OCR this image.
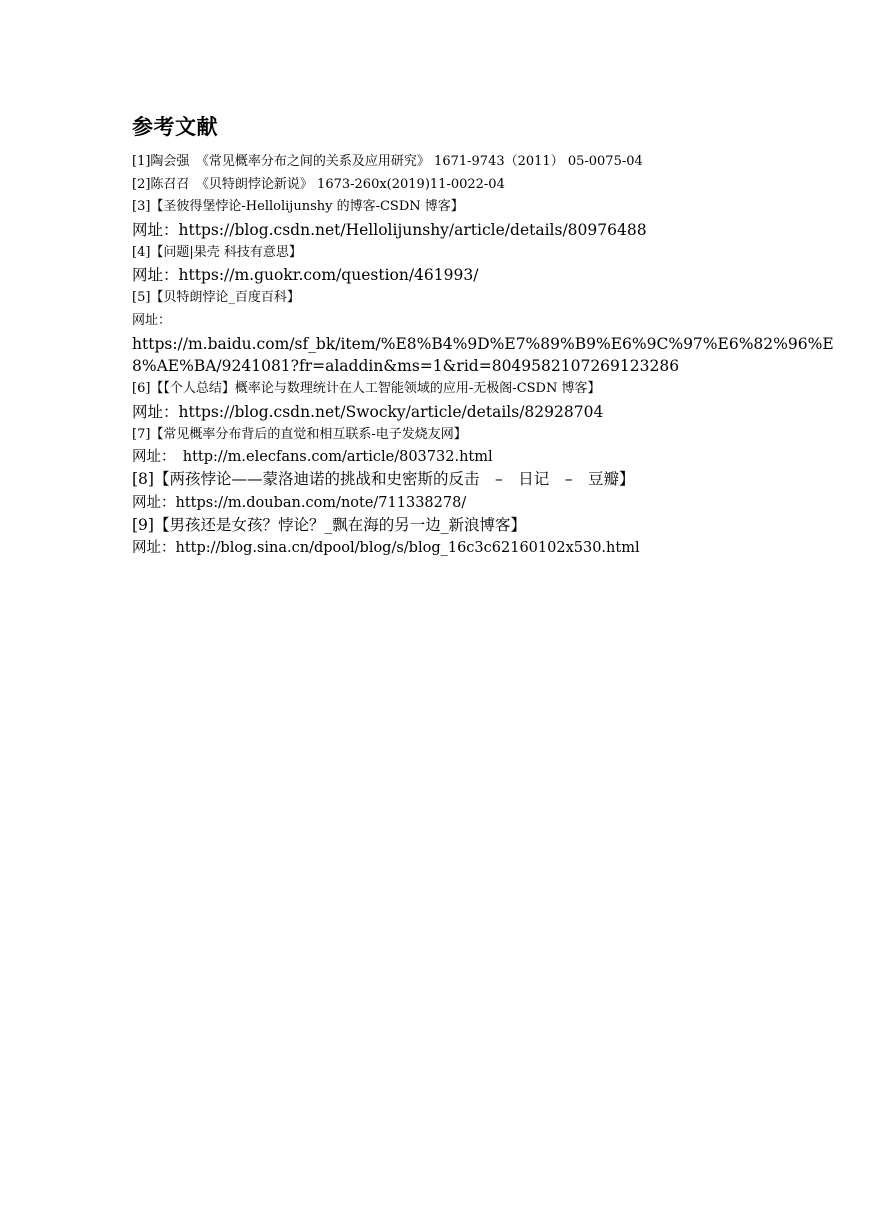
参考文献

[1]陶会强　《常见概率分布之间的关系及应用研究》 1671-9743（2011） 05-0075-04

[2]陈召召　《贝特朗悖论新说》 1673-260x(2019)11-0022-04

[3]【圣彼得堡悖论-Hellolijunshy 的博客-CSDN 博客】

网址：https://blog.csdn.net/Hellolijunshy/article/details/80976488

[4]【问题|果壳 科技有意思】

网址：https://m.guokr.com/question/461993/

[5]【贝特朗悖论_百度百科】

网址：

https://m.baidu.com/sf_bk/item/%E8%B4%9D%E7%89%B9%E6%9C%97%E6%82%96%E

8%AE%BA/9241081?fr=aladdin&ms=1&rid=8049582107269123286

[6]【【个人总结】概率论与数理统计在人工智能领域的应用-无极阁-CSDN 博客】

网址：https://blog.csdn.net/Swocky/article/details/82928704

[7]【常见概率分布背后的直觉和相互联系-电子发烧友网】

网址：　http://m.elecfans.com/article/803732.html

[8]【两孩悖论——蒙洛迪诺的挑战和史密斯的反击　–　日记　–　豆瓣】

网址：https://m.douban.com/note/711338278/

[9]【男孩还是女孩？悖论？_飘在海的另一边_新浪博客】

网址：http://blog.sina.cn/dpool/blog/s/blog_16c3c62160102x530.html
